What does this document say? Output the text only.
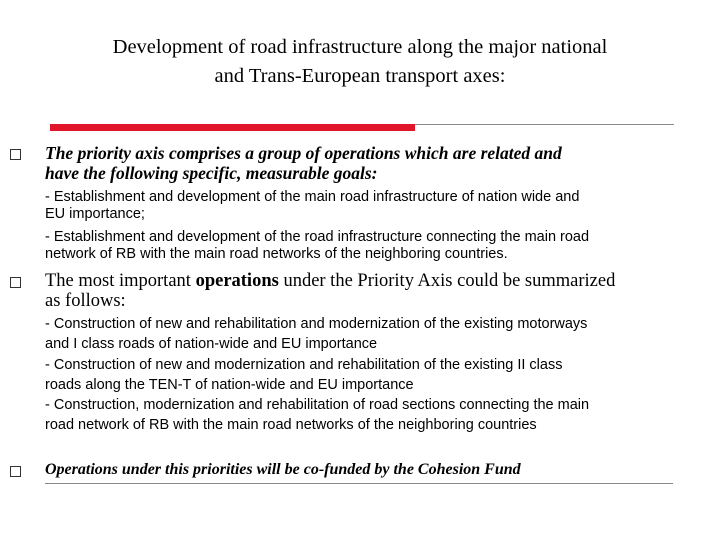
Development of road infrastructure along the major national
and Trans-European transport axes:
The priority axis comprises a group of operations which are related and
have the following specific, measurable goals:
- Establishment and development of the main road infrastructure of nation wide and
EU importance;
- Establishment and development of the road infrastructure connecting the main road
network of RB with the main road networks of the neighboring countries.
The most important operations under the Priority Axis could be summarized
as follows:
- Construction of new and rehabilitation and modernization of the existing motorways
and I class roads of nation-wide and EU importance
- Construction of new and modernization and rehabilitation of the existing II class
roads along the TEN-T of nation-wide and EU importance
- Construction, modernization and rehabilitation of road sections connecting the main
road network of RB with the main road networks of the neighboring countries
Operations under this priorities will be co-funded by the Cohesion Fund
